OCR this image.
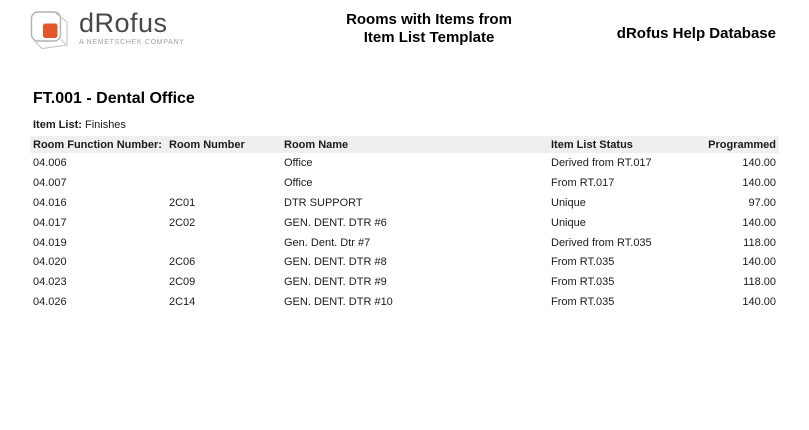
dRofus
A NEMETSCHEK COMPANY
Rooms with Items from
Item List Template	dRofus Help Database
FT.001 - Dental Office
Item List: Finishes
Room Function Number:	Room Number	Room Name	Item List Status	Programmed
04.006		Office	Derived from RT.017	140.00
04.007		Office	From RT.017	140.00
04.016	2C01	DTR SUPPORT	Unique	97.00
04.017	2C02	GEN. DENT. DTR #6	Unique	140.00
04.019		Gen. Dent. Dtr #7	Derived from RT.035	118.00
04.020	2C06	GEN. DENT. DTR #8	From RT.035	140.00
04.023	2C09	GEN. DENT. DTR #9	From RT.035	118.00
04.026	2C14	GEN. DENT. DTR #10	From RT.035	140.00
